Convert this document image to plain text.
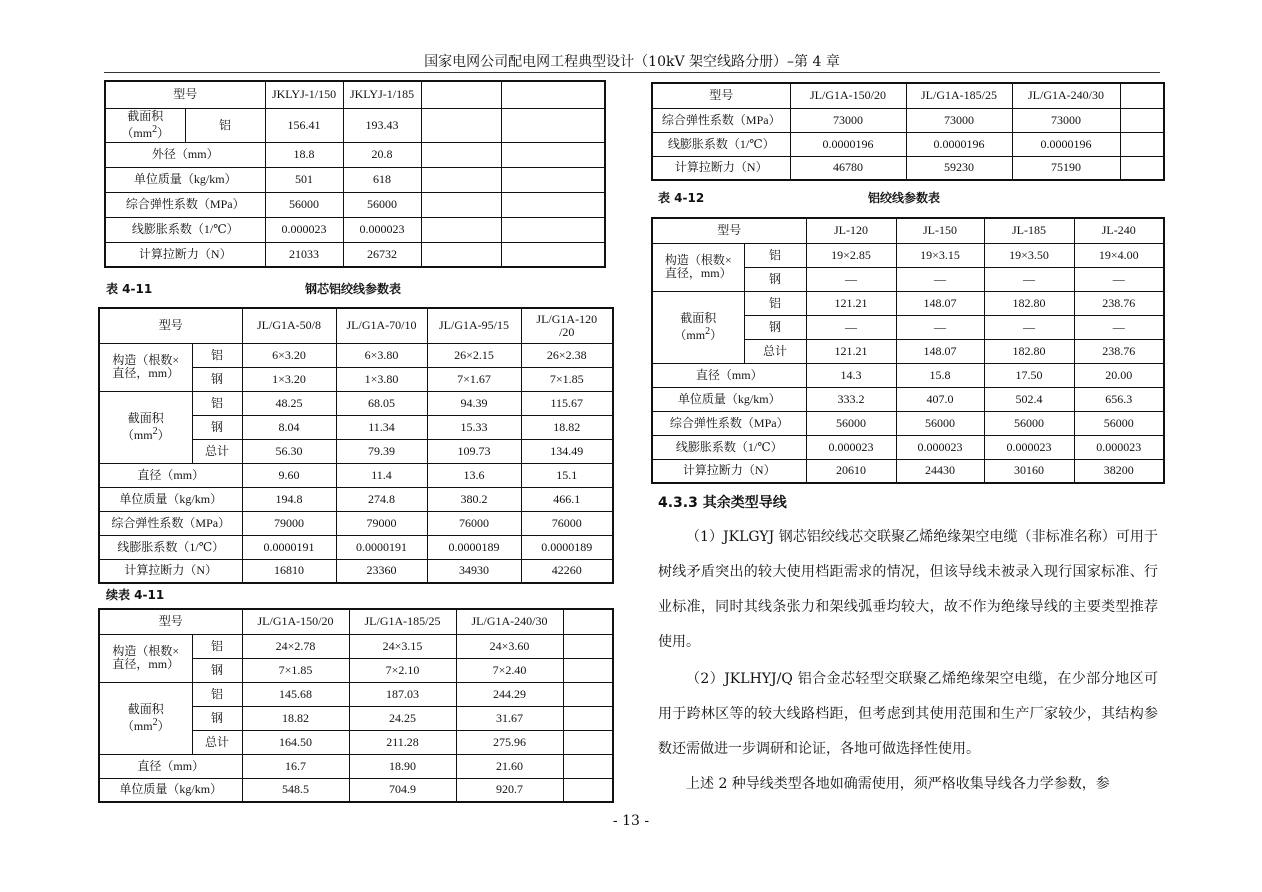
国家电网公司配电网工程典型设计（10kV 架空线路分册）–第 4 章
型号		JKLYJ-1/150	JKLYJ-1/185		
截面积
$(mm^2)$	铝	156.41	193.43		
外径（mm）		18.8	20.8		
单位质量（kg/km）		501	618		
综合弹性系数（MPa）		56000	56000		
线膨胀系数（1/℃）		0.000023	0.000023		
计算拉断力（N）		21033	26732		
表 4-11	钢芯铝绞线参数表
型号		JL/G1A-50/8	JL/G1A-70/10	JL/G1A-95/15	JL/G1A-120
/20
构造（根数×
直径，mm）	铝	6×3.20	6×3.80	26×2.15	26×2.38
	钢	1×3.20	1×3.80	7×1.67	7×1.85
截面积
$(mm^2)$	铝	48.25	68.05	94.39	115.67
	钢	8.04	11.34	15.33	18.82
	总计	56.30	79.39	109.73	134.49
直径（mm）		9.60	11.4	13.6	15.1
单位质量（kg/km）		194.8	274.8	380.2	466.1
综合弹性系数（MPa）		79000	79000	76000	76000
线膨胀系数（1/℃）		0.0000191	0.0000191	0.0000189	0.0000189
计算拉断力（N）		16810	23360	34930	42260
续表 4-11
型号		JL/G1A-150/20	JL/G1A-185/25	JL/G1A-240/30	
构造（根数×
直径，mm）	铝	24×2.78	24×3.15	24×3.60	
	钢	7×1.85	7×2.10	7×2.40	
截面积
$(mm^2)$	铝	145.68	187.03	244.29	
	钢	18.82	24.25	31.67	
	总计	164.50	211.28	275.96	
直径（mm）		16.7	18.90	21.60	
单位质量（kg/km）		548.5	704.9	920.7	
型号	JL/G1A-150/20	JL/G1A-185/25	JL/G1A-240/30	
综合弹性系数（MPa）	73000	73000	73000	
线膨胀系数（1/℃）	0.0000196	0.0000196	0.0000196	
计算拉断力（N）	46780	59230	75190	
表 4-12	铝绞线参数表
型号		JL-120	JL-150	JL-185	JL-240
构造（根数×
直径，mm）	铝	19×2.85	19×3.15	19×3.50	19×4.00
	钢	—	—	—	—
截面积
$(mm^2)$	铝	121.21	148.07	182.80	238.76
	钢	—	—	—	—
	总计	121.21	148.07	182.80	238.76
直径（mm）		14.3	15.8	17.50	20.00
单位质量（kg/km）		333.2	407.0	502.4	656.3
综合弹性系数（MPa）		56000	56000	56000	56000
线膨胀系数（1/℃）		0.000023	0.000023	0.000023	0.000023
计算拉断力（N）		20610	24430	30160	38200
4.3.3 其余类型导线

（1）JKLGYJ 钢芯铝绞线芯交联聚乙烯绝缘架空电缆（非标准名称）可用于树线矛盾突出的较大使用档距需求的情况，但该导线未被录入现行国家标准、行业标准，同时其线条张力和架线弧垂均较大，故不作为绝缘导线的主要类型推荐使用。

（2）JKLHYJ/Q 铝合金芯轻型交联聚乙烯绝缘架空电缆，在少部分地区可用于跨林区等的较大线路档距，但考虑到其使用范围和生产厂家较少，其结构参数还需做进一步调研和论证，各地可做选择性使用。

上述 2 种导线类型各地如确需使用，须严格收集导线各力学参数，参

- 13 -
